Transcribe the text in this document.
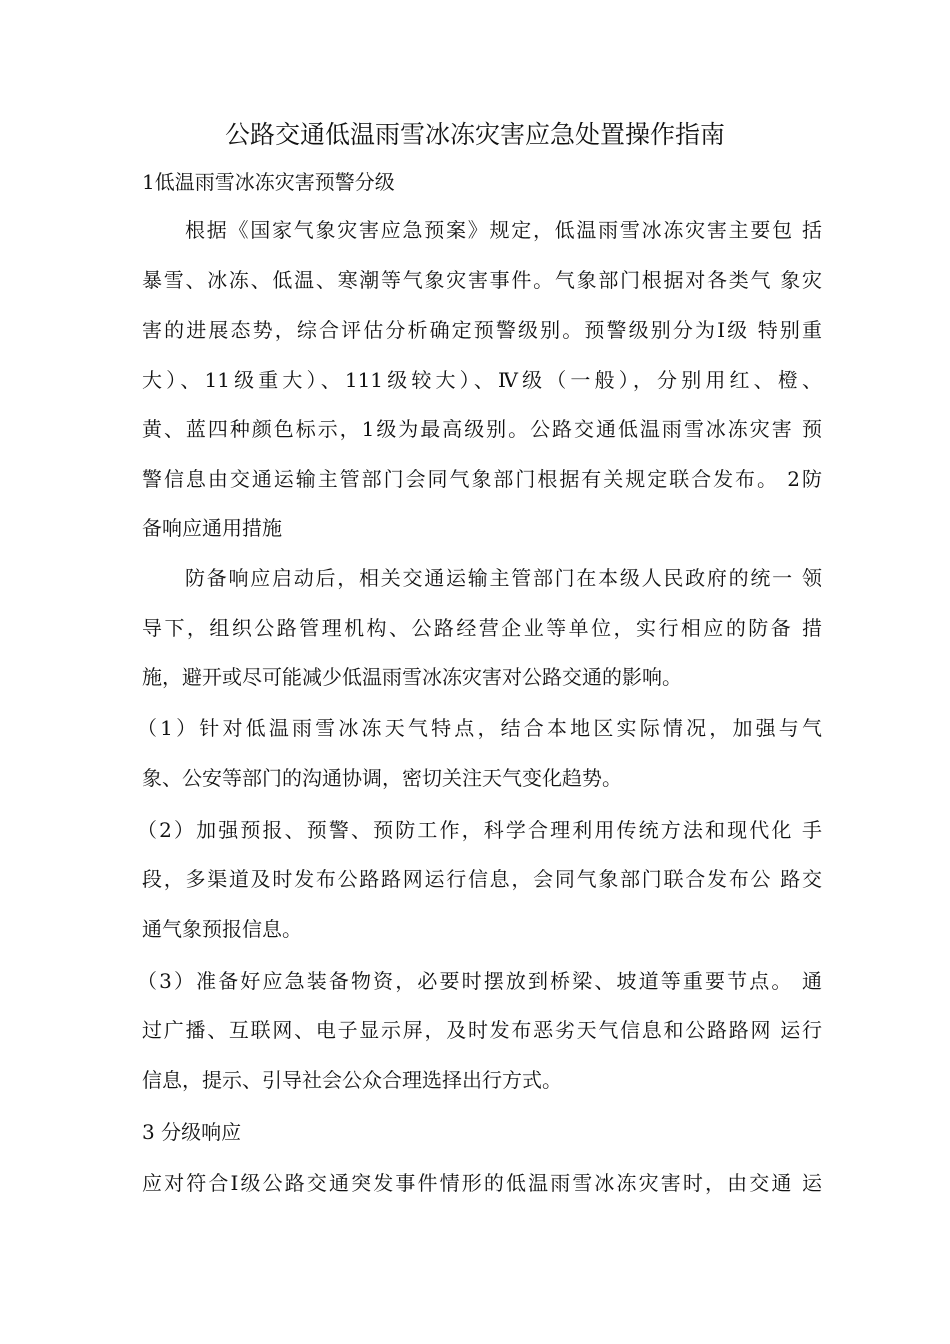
公路交通低温雨雪冰冻灾害应急处置操作指南
1低温雨雪冰冻灾害预警分级
根据《国家气象灾害应急预案》规定，低温雨雪冰冻灾害主要包 括
暴雪、冰冻、低温、寒潮等气象灾害事件。气象部门根据对各类气 象灾
害的进展态势，综合评估分析确定预警级别。预警级别分为Ⅰ级 特别重
大）、11级重大）、111级较大）、Ⅳ级（一般），分别用红、橙、
黄、蓝四种颜色标示，1级为最高级别。公路交通低温雨雪冰冻灾害 预
警信息由交通运输主管部门会同气象部门根据有关规定联合发布。 2防
备响应通用措施
防备响应启动后，相关交通运输主管部门在本级人民政府的统一 领
导下，组织公路管理机构、公路经营企业等单位，实行相应的防备 措
施，避开或尽可能减少低温雨雪冰冻灾害对公路交通的影响。
（1）针对低温雨雪冰冻天气特点，结合本地区实际情况，加强与气
象、公安等部门的沟通协调，密切关注天气变化趋势。
（2）加强预报、预警、预防工作，科学合理利用传统方法和现代化 手
段，多渠道及时发布公路路网运行信息，会同气象部门联合发布公 路交
通气象预报信息。
（3）准备好应急装备物资，必要时摆放到桥梁、坡道等重要节点。 通
过广播、互联网、电子显示屏，及时发布恶劣天气信息和公路路网 运行
信息，提示、引导社会公众合理选择出行方式。
3 分级响应
应对符合Ⅰ级公路交通突发事件情形的低温雨雪冰冻灾害时，由交通 运
